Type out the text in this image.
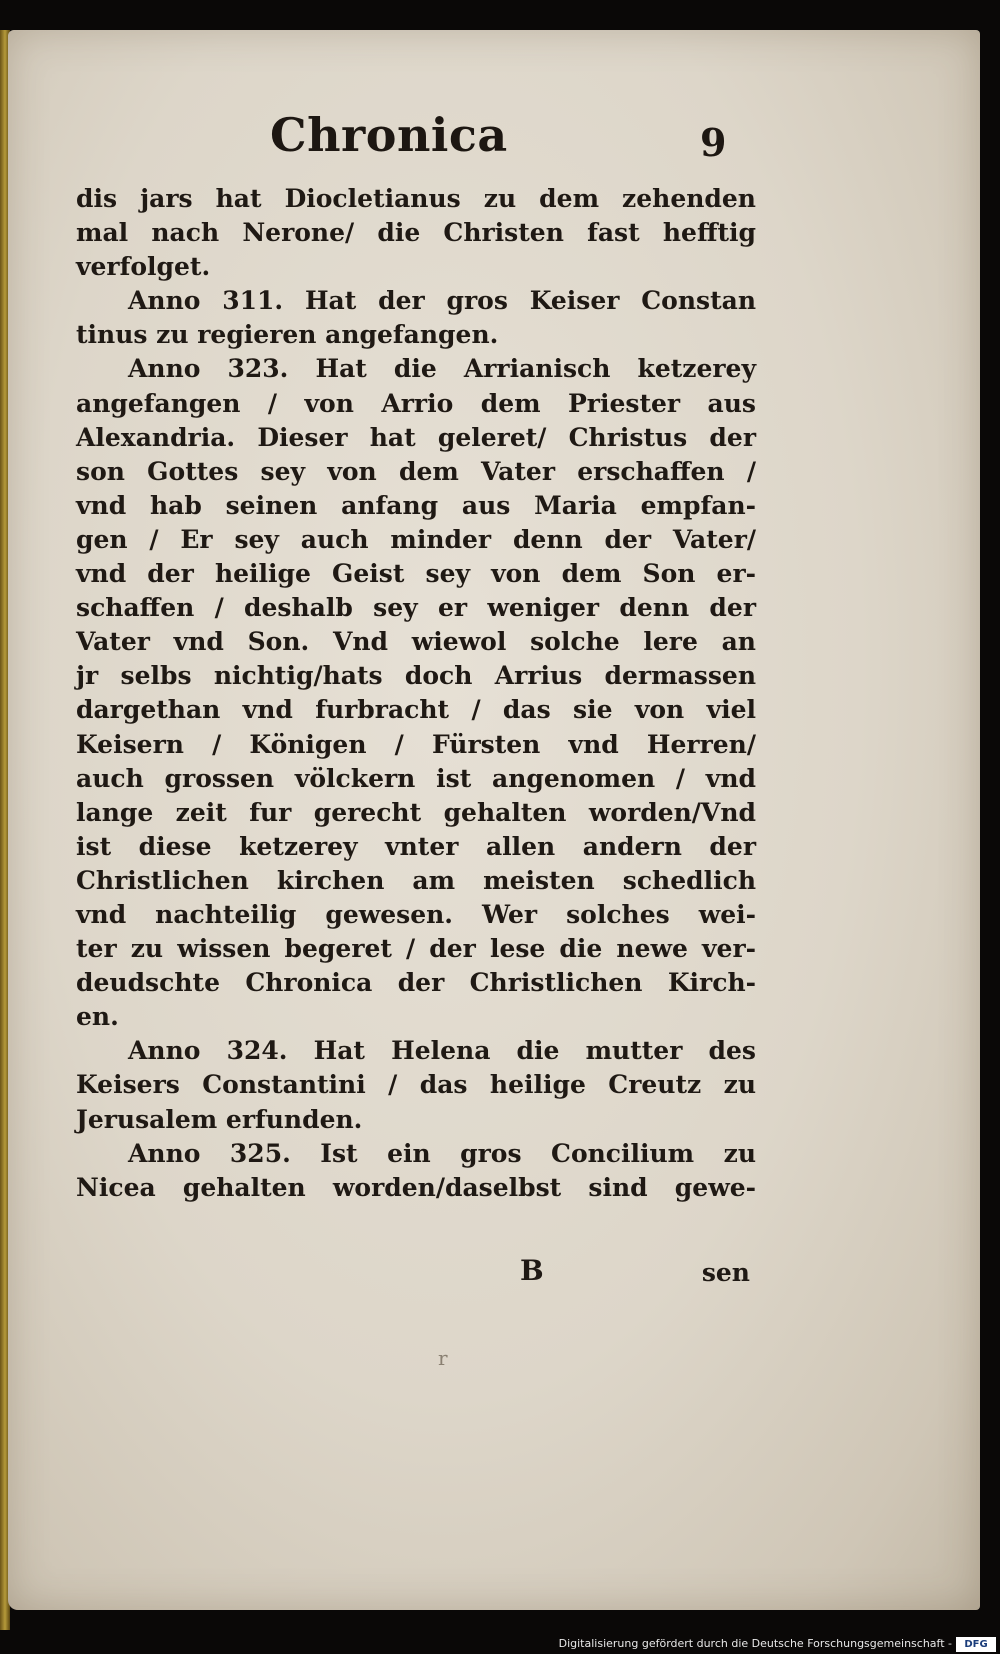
Chronica	9
dis jars hat Diocletianus zu dem zehenden
mal nach Nerone/ die Christen fast hefftig
verfolget.
Anno 311. Hat der gros Keiser Constan
tinus zu regieren angefangen.
Anno 323. Hat die Arrianisch ketzerey
angefangen / von Arrio dem Priester aus
Alexandria. Dieser hat geleret/ Christus der
son Gottes sey von dem Vater erschaffen /
vnd hab seinen anfang aus Maria empfan-
gen / Er sey auch minder denn der Vater/
vnd der heilige Geist sey von dem Son er-
schaffen / deshalb sey er weniger denn der
Vater vnd Son. Vnd wiewol solche lere an
jr selbs nichtig/hats doch Arrius dermassen
dargethan vnd furbracht / das sie von viel
Keisern / Königen / Fürsten vnd Herren/
auch grossen völckern ist angenomen / vnd
lange zeit fur gerecht gehalten worden/Vnd
ist diese ketzerey vnter allen andern der
Christlichen kirchen am meisten schedlich
vnd nachteilig gewesen. Wer solches wei-
ter zu wissen begeret / der lese die newe ver-
deudschte Chronica der Christlichen Kirch-
en.
Anno 324. Hat Helena die mutter des
Keisers Constantini / das heilige Creutz zu
Jerusalem erfunden.
Anno 325. Ist ein gros Concilium zu
Nicea gehalten worden/daselbst sind gewe-
B	sen
r
Digitalisierung gefördert durch die Deutsche Forschungsgemeinschaft -	DFG
